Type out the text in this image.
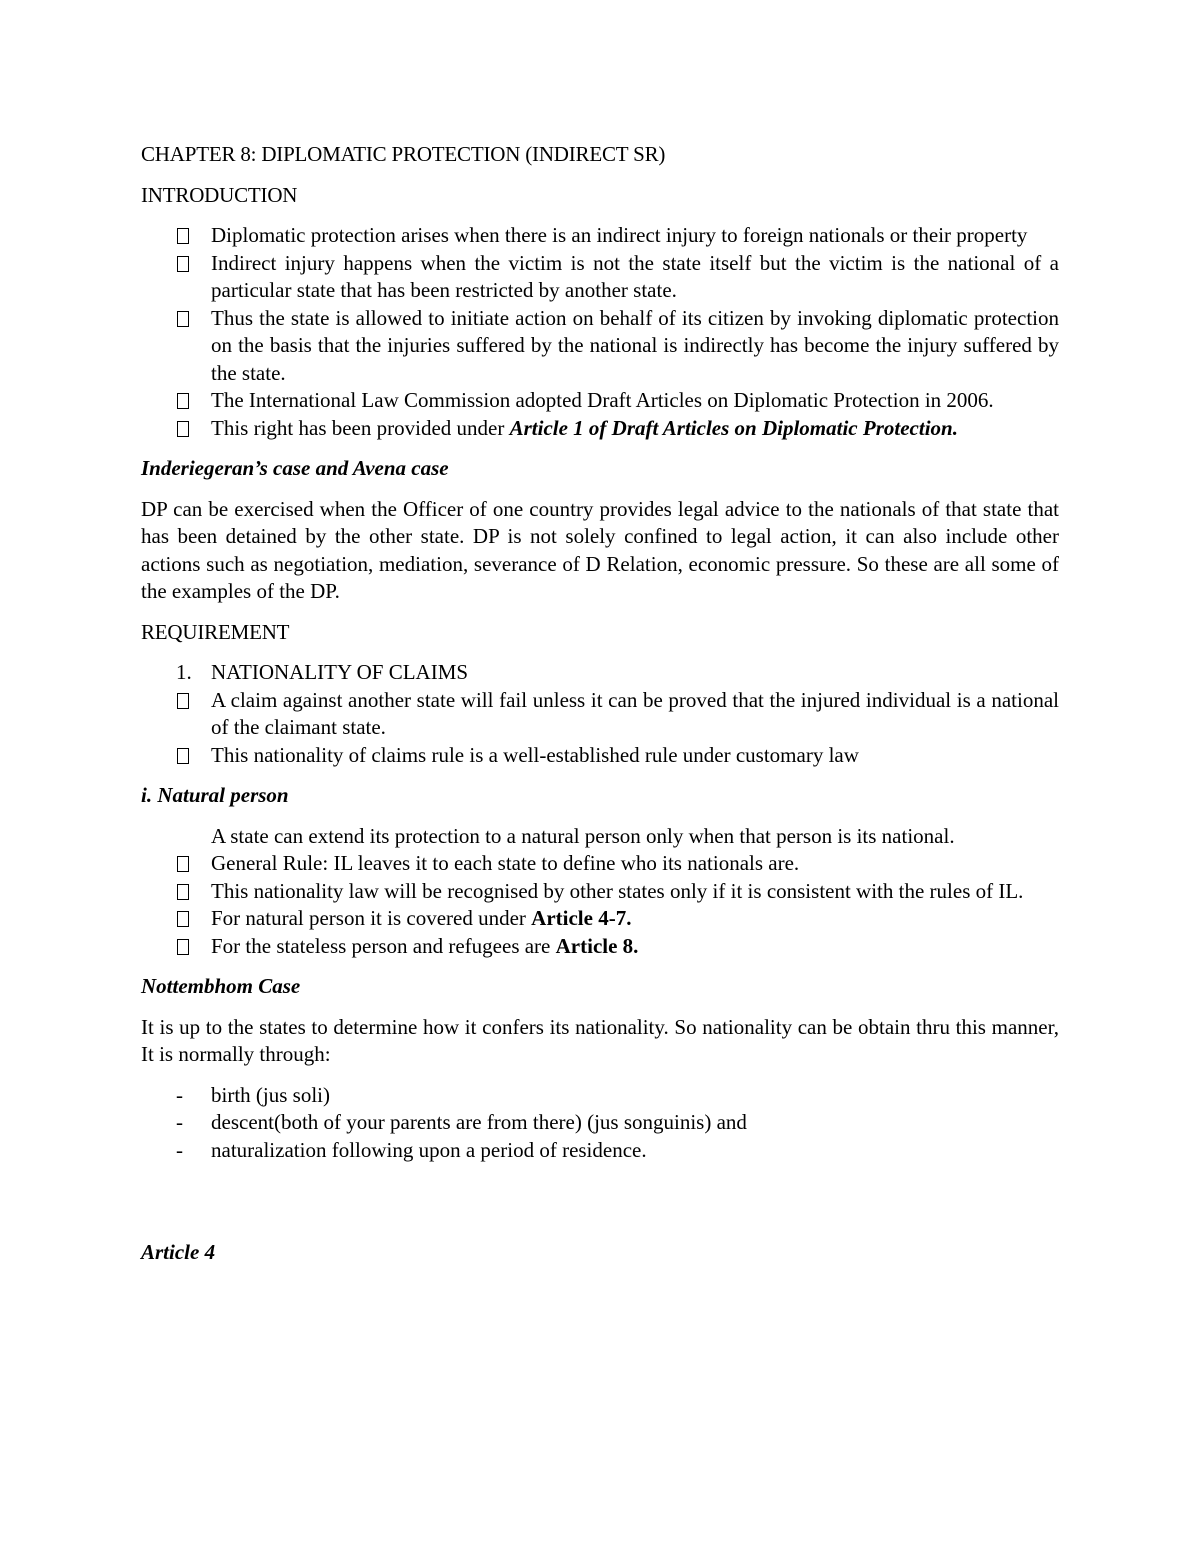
CHAPTER 8: DIPLOMATIC PROTECTION (INDIRECT SR)
INTRODUCTION
Diplomatic protection arises when there is an indirect injury to foreign nationals or their property
Indirect injury happens when the victim is not the state itself but the victim is the national of a particular state that has been restricted by another state.
Thus the state is allowed to initiate action on behalf of its citizen by invoking diplomatic protection on the basis that the injuries suffered by the national is indirectly has become the injury suffered by the state.
The International Law Commission adopted Draft Articles on Diplomatic Protection in 2006.
This right has been provided under Article 1 of Draft Articles on Diplomatic Protection.
Inderiegeran’s case and Avena case

DP can be exercised when the Officer of one country provides legal advice to the nationals of that state that has been detained by the other state. DP is not solely confined to legal action, it can also include other actions such as negotiation, mediation, severance of D Relation, economic pressure. So these are all some of the examples of the DP.

REQUIREMENT
1. NATIONALITY OF CLAIMS
A claim against another state will fail unless it can be proved that the injured individual is a national of the claimant state.
This nationality of claims rule is a well-established rule under customary law
i. Natural person
A state can extend its protection to a natural person only when that person is its national.
General Rule: IL leaves it to each state to define who its nationals are.
This nationality law will be recognised by other states only if it is consistent with the rules of IL.
For natural person it is covered under Article 4-7.
For the stateless person and refugees are Article 8.
Nottembhom Case

It is up to the states to determine how it confers its nationality. So nationality can be obtain thru this manner, It is normally through:

-	birth (jus soli)
-	descent(both of your parents are from there) (jus songuinis) and
-	naturalization following upon a period of residence.
Article 4
